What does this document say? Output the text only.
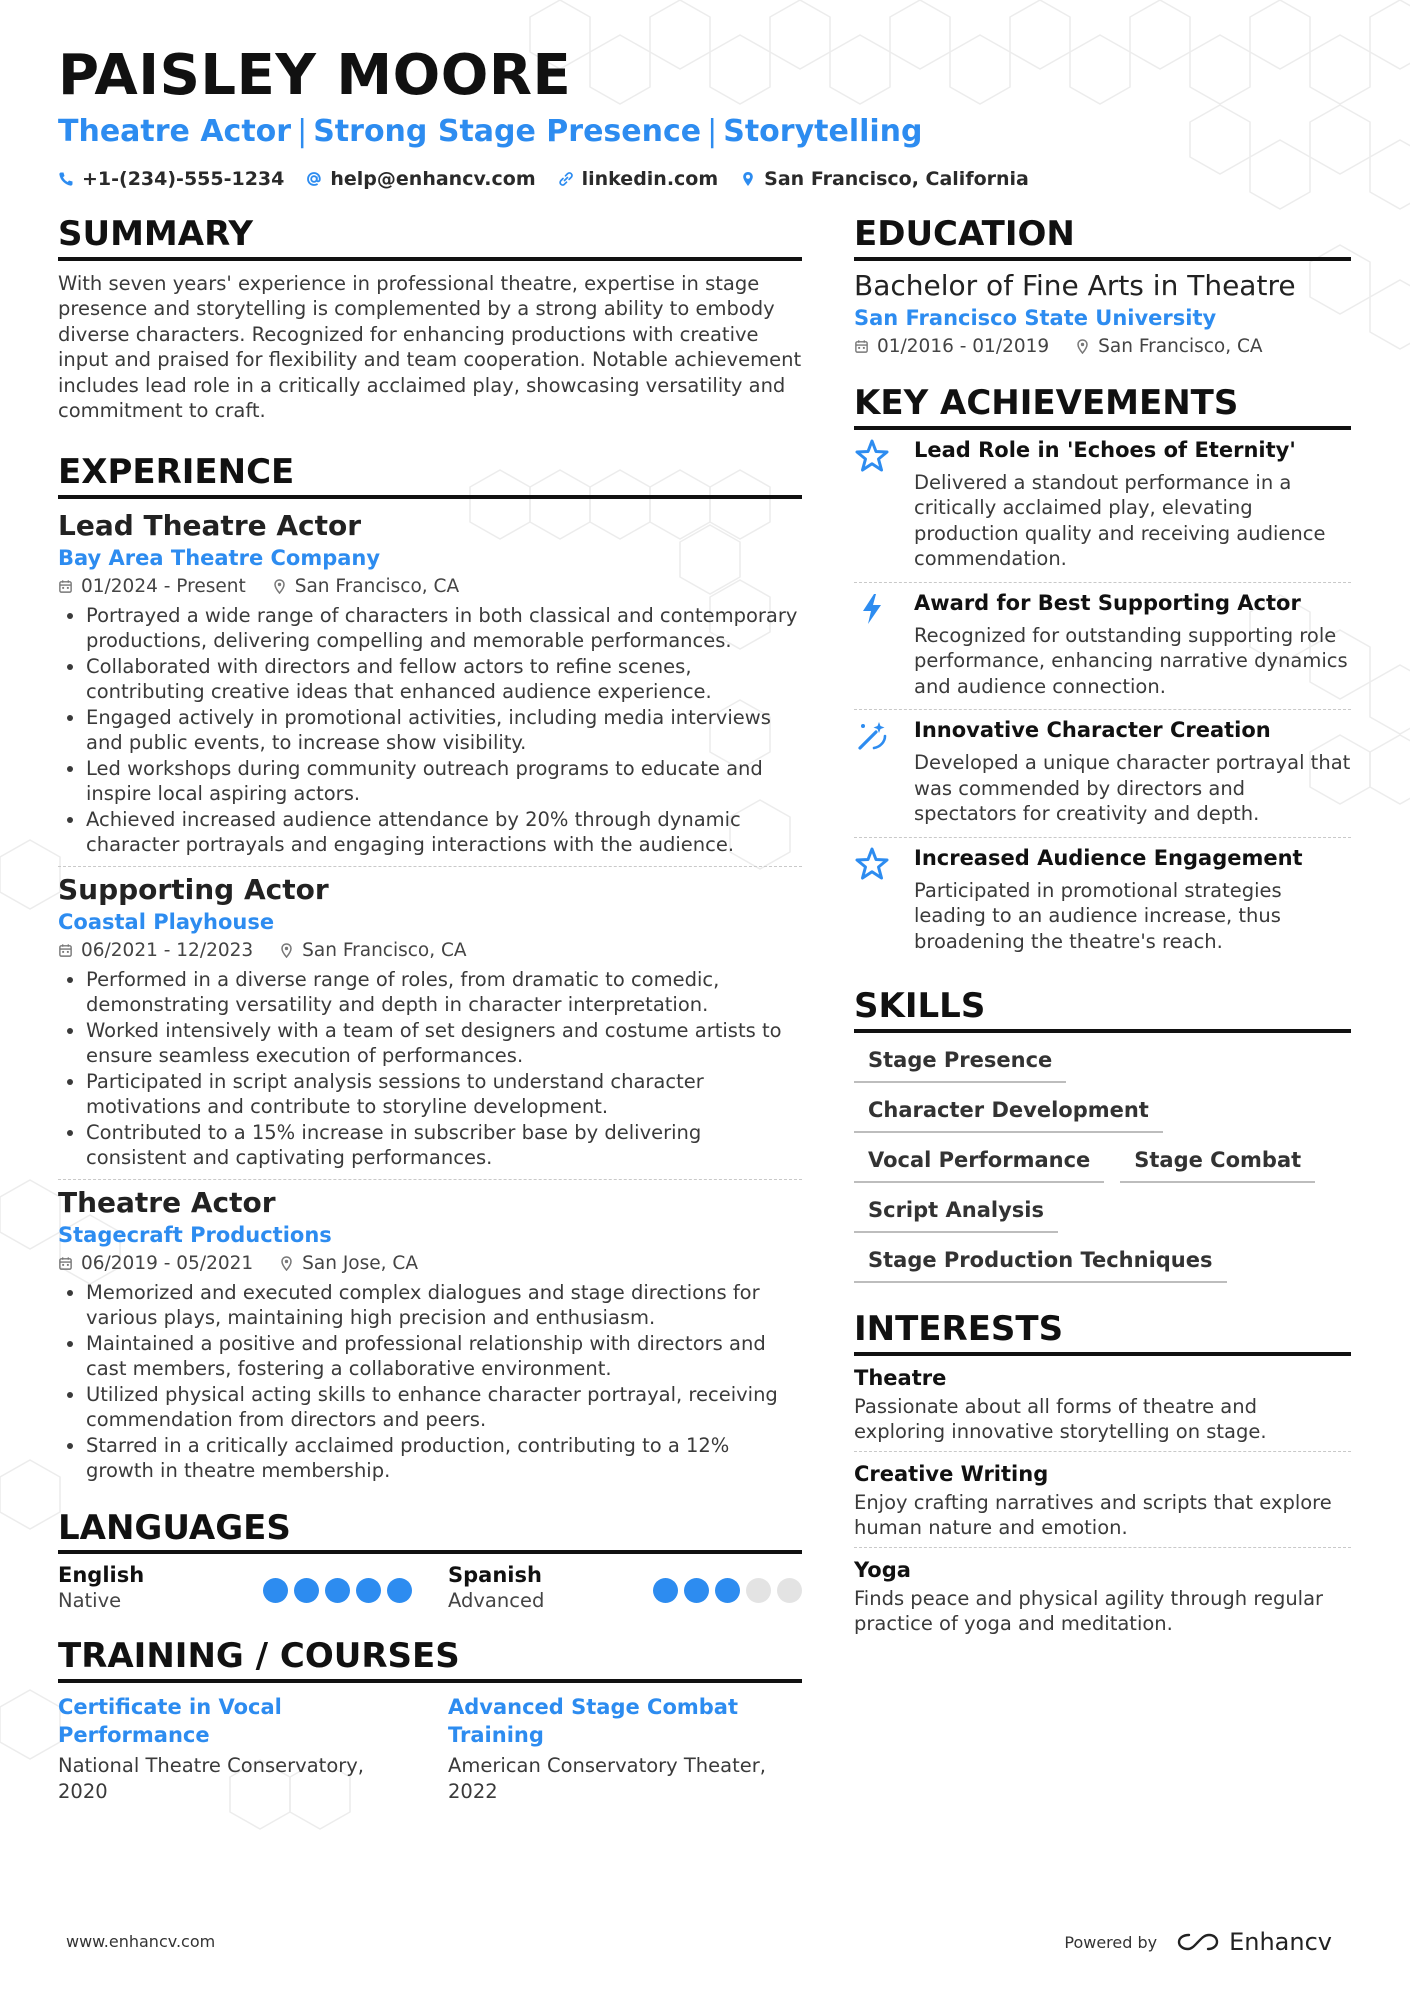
PAISLEY MOORE
Theatre Actor | Strong Stage Presence | Storytelling
+1-(234)-555-1234 help@enhancv.com linkedin.com San Francisco, California
SUMMARY
With seven years' experience in professional theatre, expertise in stage presence and storytelling is complemented by a strong ability to embody diverse characters. Recognized for enhancing productions with creative input and praised for flexibility and team cooperation. Notable achievement includes lead role in a critically acclaimed play, showcasing versatility and commitment to craft.
EXPERIENCE
Lead Theatre Actor
Bay Area Theatre Company
01/2024 - Present	San Francisco, CA
• Portrayed a wide range of characters in both classical and contemporary productions, delivering compelling and memorable performances.
• Collaborated with directors and fellow actors to refine scenes, contributing creative ideas that enhanced audience experience.
• Engaged actively in promotional activities, including media interviews and public events, to increase show visibility.
• Led workshops during community outreach programs to educate and inspire local aspiring actors.
• Achieved increased audience attendance by 20% through dynamic character portrayals and engaging interactions with the audience.
Supporting Actor
Coastal Playhouse
06/2021 - 12/2023	San Francisco, CA
• Performed in a diverse range of roles, from dramatic to comedic, demonstrating versatility and depth in character interpretation.
• Worked intensively with a team of set designers and costume artists to ensure seamless execution of performances.
• Participated in script analysis sessions to understand character motivations and contribute to storyline development.
• Contributed to a 15% increase in subscriber base by delivering consistent and captivating performances.
Theatre Actor
Stagecraft Productions
06/2019 - 05/2021	San Jose, CA
• Memorized and executed complex dialogues and stage directions for various plays, maintaining high precision and enthusiasm.
• Maintained a positive and professional relationship with directors and cast members, fostering a collaborative environment.
• Utilized physical acting skills to enhance character portrayal, receiving commendation from directors and peers.
• Starred in a critically acclaimed production, contributing to a 12% growth in theatre membership.
LANGUAGES
English
Native
Spanish
Advanced
TRAINING / COURSES
Certificate in Vocal Performance
National Theatre Conservatory, 2020
Advanced Stage Combat Training
American Conservatory Theater, 2022
EDUCATION
Bachelor of Fine Arts in Theatre
San Francisco State University
01/2016 - 01/2019	San Francisco, CA
KEY ACHIEVEMENTS
Lead Role in 'Echoes of Eternity'
Delivered a standout performance in a critically acclaimed play, elevating production quality and receiving audience commendation.
Award for Best Supporting Actor
Recognized for outstanding supporting role performance, enhancing narrative dynamics and audience connection.
Innovative Character Creation
Developed a unique character portrayal that was commended by directors and spectators for creativity and depth.
Increased Audience Engagement
Participated in promotional strategies leading to an audience increase, thus broadening the theatre's reach.
SKILLS
Stage Presence
Character Development
Vocal Performance	Stage Combat
Script Analysis
Stage Production Techniques
INTERESTS
Theatre
Passionate about all forms of theatre and exploring innovative storytelling on stage.
Creative Writing
Enjoy crafting narratives and scripts that explore human nature and emotion.
Yoga
Finds peace and physical agility through regular practice of yoga and meditation.
www.enhancv.com	Powered by	Enhancv
